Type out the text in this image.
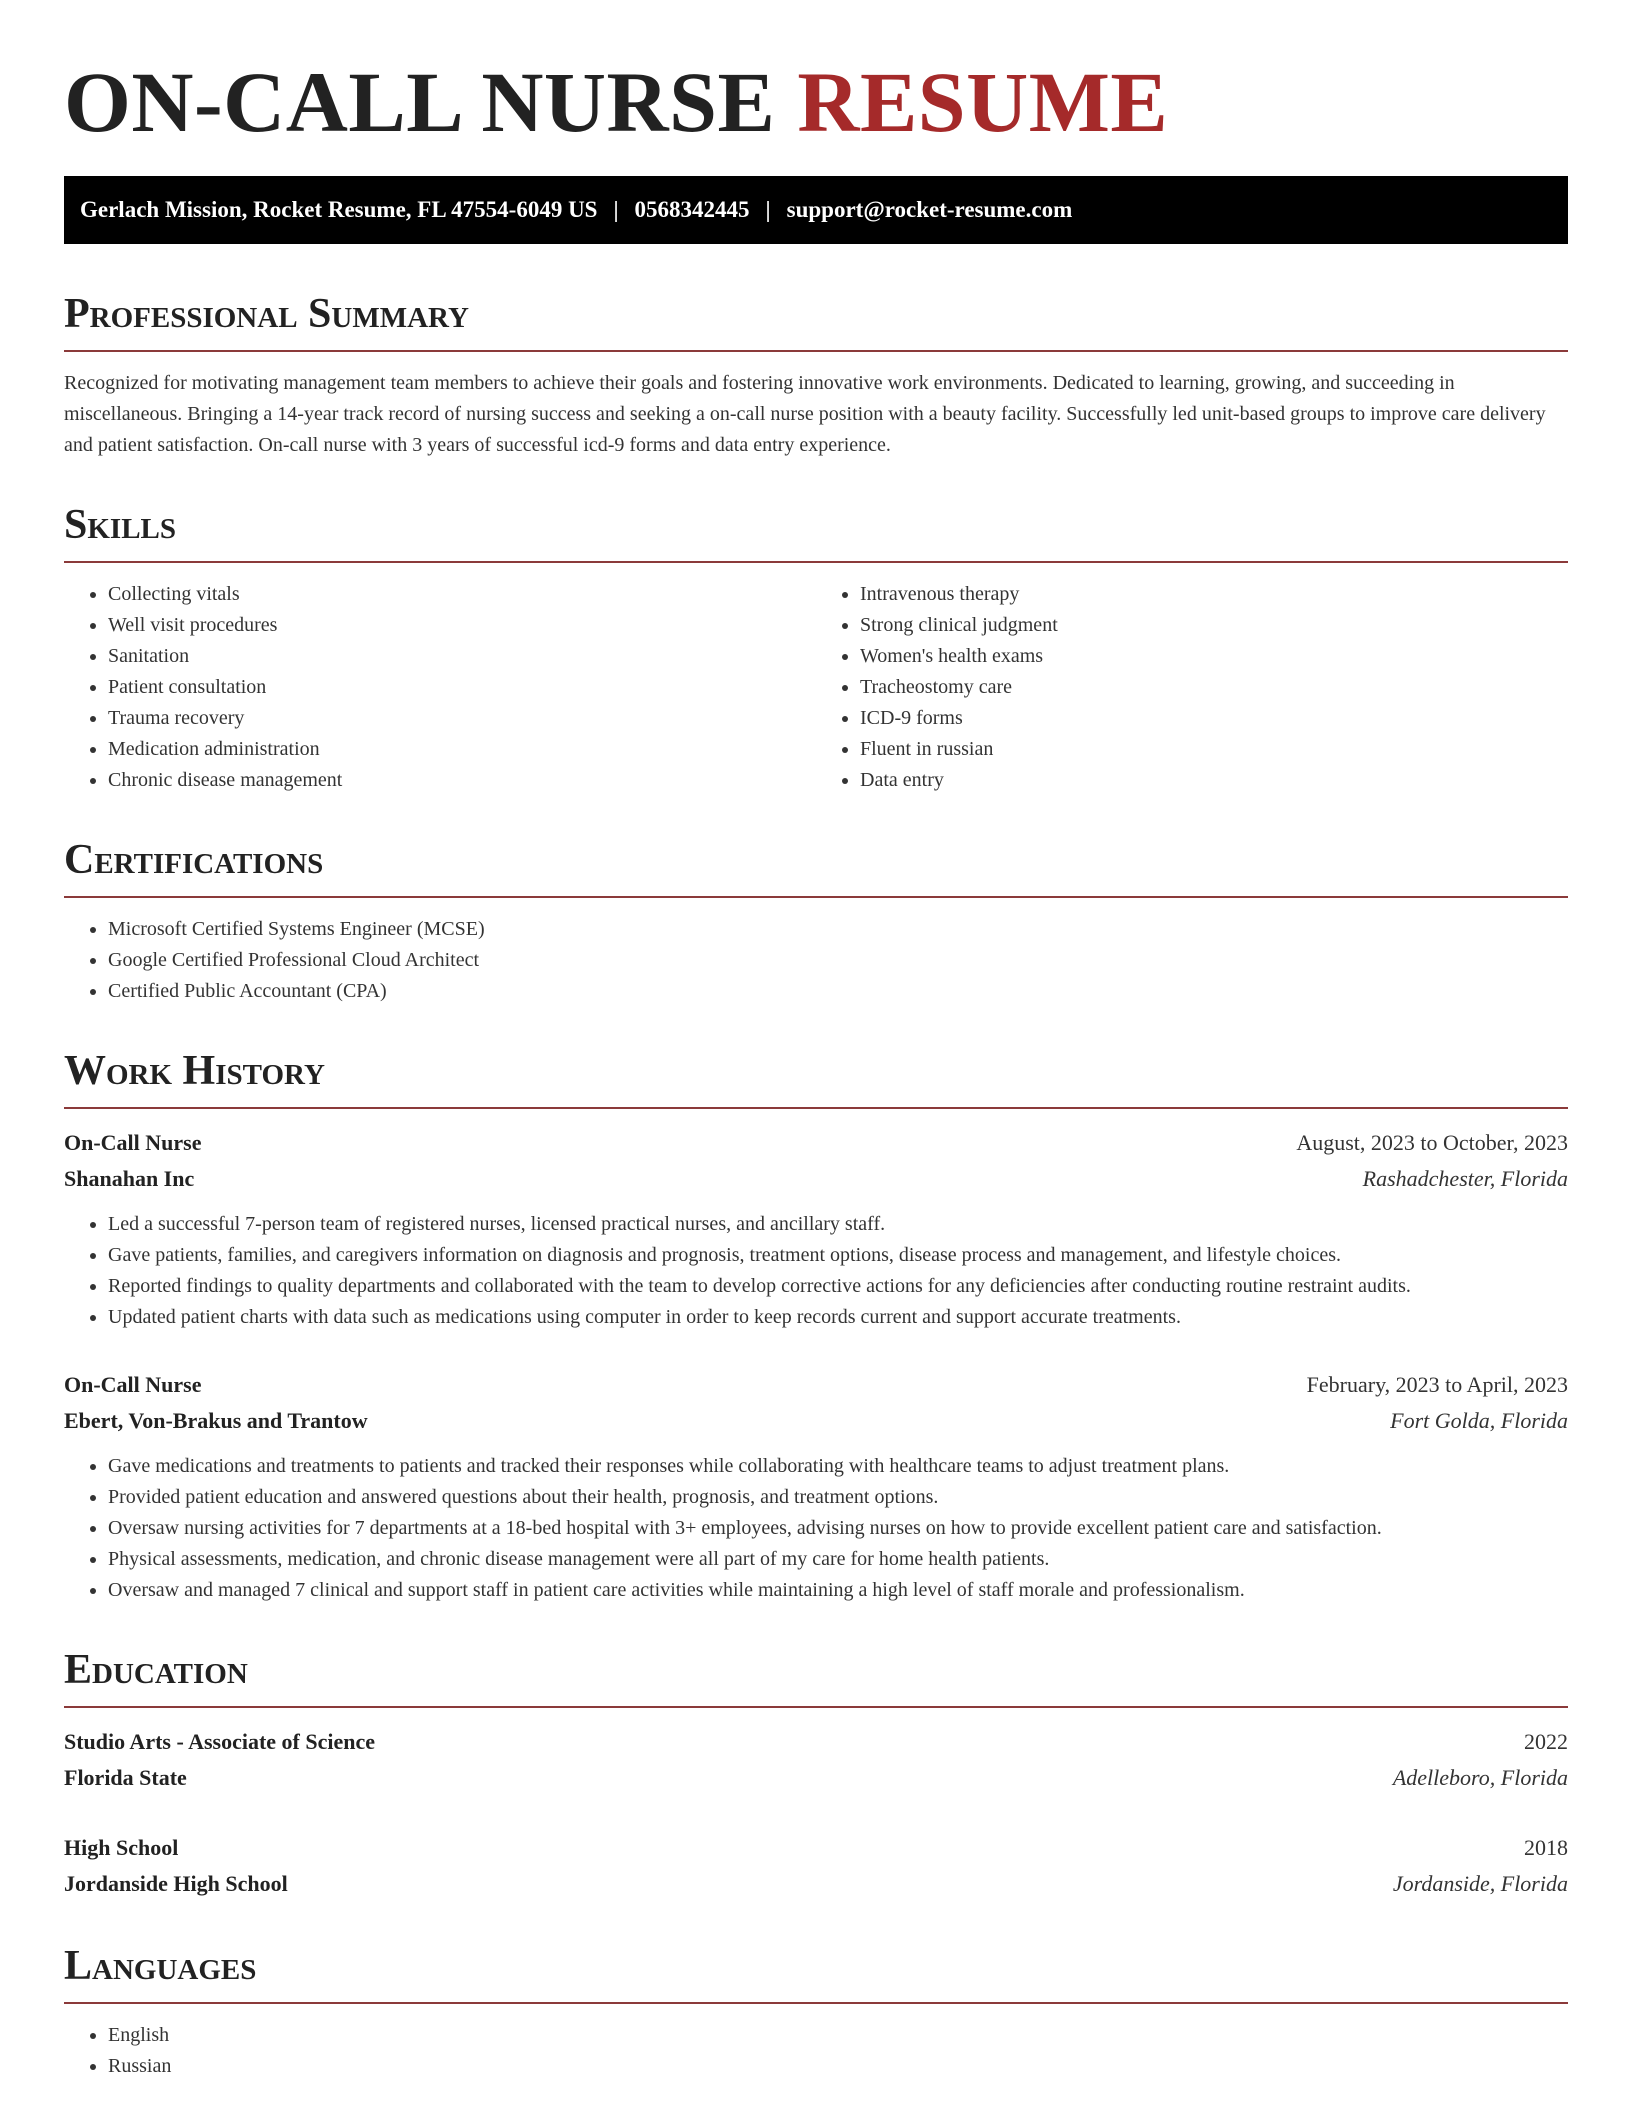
ON-CALL NURSE RESUME
Gerlach Mission, Rocket Resume, FL 47554-6049 US | 0568342445 | support@rocket-resume.com
Professional Summary

Recognized for motivating management team members to achieve their goals and fostering innovative work environments. Dedicated to learning, growing, and succeeding in miscellaneous. Bringing a 14-year track record of nursing success and seeking a on-call nurse position with a beauty facility. Successfully led unit-based groups to improve care delivery and patient satisfaction. On-call nurse with 3 years of successful icd-9 forms and data entry experience.

Skills
• Collecting vitals
• Well visit procedures
• Sanitation
• Patient consultation
• Trauma recovery
• Medication administration
• Chronic disease management
• Intravenous therapy
• Strong clinical judgment
• Women's health exams
• Tracheostomy care
• ICD-9 forms
• Fluent in russian
• Data entry
Certifications
• Microsoft Certified Systems Engineer (MCSE)
• Google Certified Professional Cloud Architect
• Certified Public Accountant (CPA)
Work History
On-Call Nurse	August, 2023 to October, 2023
Shanahan Inc	Rashadchester, Florida
• Led a successful 7-person team of registered nurses, licensed practical nurses, and ancillary staff.
• Gave patients, families, and caregivers information on diagnosis and prognosis, treatment options, disease process and management, and lifestyle choices.
• Reported findings to quality departments and collaborated with the team to develop corrective actions for any deficiencies after conducting routine restraint audits.
• Updated patient charts with data such as medications using computer in order to keep records current and support accurate treatments.
On-Call Nurse	February, 2023 to April, 2023
Ebert, Von-Brakus and Trantow	Fort Golda, Florida
• Gave medications and treatments to patients and tracked their responses while collaborating with healthcare teams to adjust treatment plans.
• Provided patient education and answered questions about their health, prognosis, and treatment options.
• Oversaw nursing activities for 7 departments at a 18-bed hospital with 3+ employees, advising nurses on how to provide excellent patient care and satisfaction.
• Physical assessments, medication, and chronic disease management were all part of my care for home health patients.
• Oversaw and managed 7 clinical and support staff in patient care activities while maintaining a high level of staff morale and professionalism.
Education
Studio Arts - Associate of Science	2022
Florida State	Adelleboro, Florida
High School	2018
Jordanside High School	Jordanside, Florida
Languages
• English
• Russian
